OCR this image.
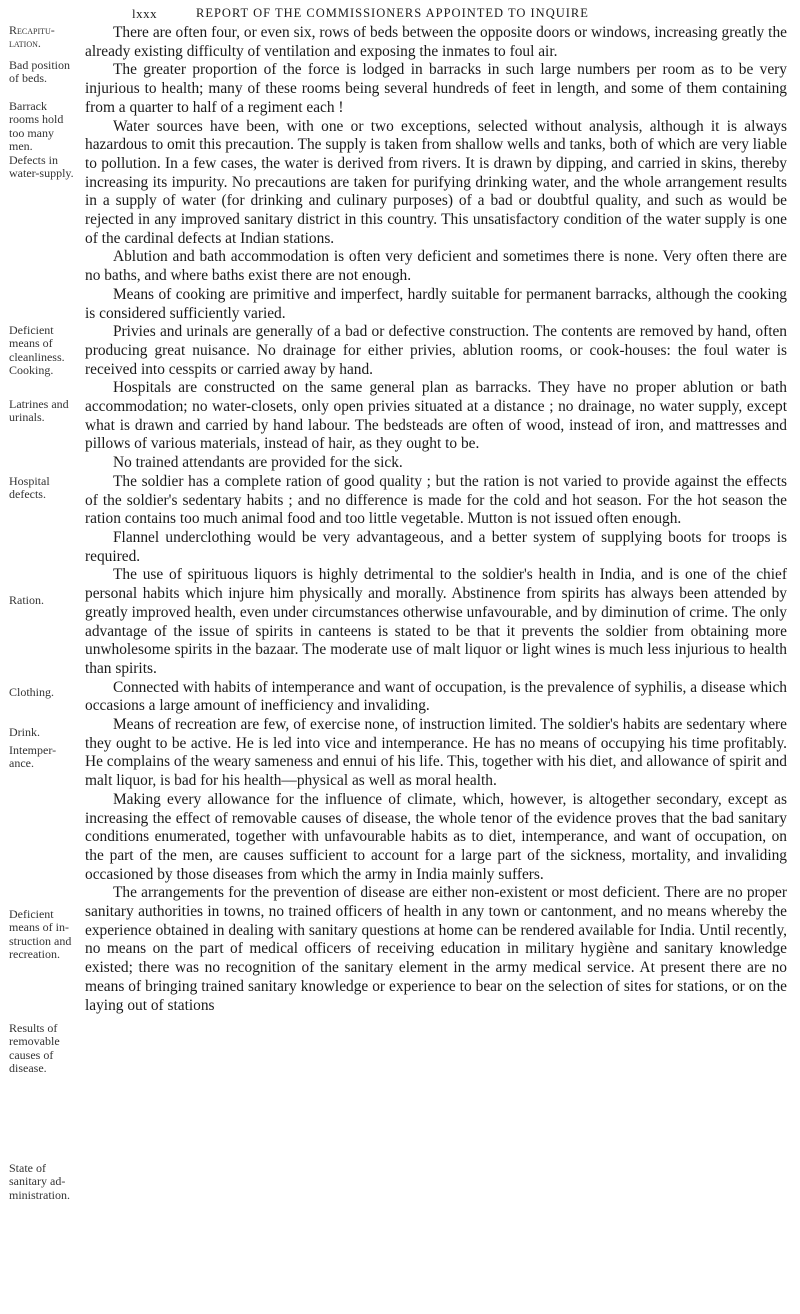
lxxx	REPORT OF THE COMMISSIONERS APPOINTED TO INQUIRE
Recapitu-lation.
Bad position of beds.
Barrack rooms hold too many men.
Defects in water-supply.
Deficient means of cleanliness.
Cooking.
Latrines and urinals.
Hospital defects.
Ration.
Clothing.
Drink.
Intemper-ance.
Deficient means of in-struction and recreation.
Results of removable causes of disease.
State of sanitary ad-ministration.

There are often four, or even six, rows of beds between the opposite doors or windows, increasing greatly the already existing difficulty of ventilation and exposing the inmates to foul air.

The greater proportion of the force is lodged in barracks in such large numbers per room as to be very injurious to health; many of these rooms being several hundreds of feet in length, and some of them containing from a quarter to half of a regiment each !

Water sources have been, with one or two exceptions, selected without analysis, although it is always hazardous to omit this precaution. The supply is taken from shallow wells and tanks, both of which are very liable to pollution. In a few cases, the water is derived from rivers. It is drawn by dipping, and carried in skins, thereby increasing its impurity. No precautions are taken for purifying drinking water, and the whole arrangement results in a supply of water (for drinking and culinary purposes) of a bad or doubtful quality, and such as would be rejected in any improved sanitary district in this country. This unsatisfactory condition of the water supply is one of the cardinal defects at Indian stations.

Ablution and bath accommodation is often very deficient and sometimes there is none. Very often there are no baths, and where baths exist there are not enough.

Means of cooking are primitive and imperfect, hardly suitable for permanent barracks, although the cooking is considered sufficiently varied.

Privies and urinals are generally of a bad or defective construction. The contents are removed by hand, often producing great nuisance. No drainage for either privies, ablution rooms, or cook-houses: the foul water is received into cesspits or carried away by hand.

Hospitals are constructed on the same general plan as barracks. They have no proper ablution or bath accommodation; no water-closets, only open privies situated at a distance ; no drainage, no water supply, except what is drawn and carried by hand labour. The bedsteads are often of wood, instead of iron, and mattresses and pillows of various materials, instead of hair, as they ought to be.

No trained attendants are provided for the sick.

The soldier has a complete ration of good quality ; but the ration is not varied to provide against the effects of the soldier's sedentary habits ; and no difference is made for the cold and hot season. For the hot season the ration contains too much animal food and too little vegetable. Mutton is not issued often enough.

Flannel underclothing would be very advantageous, and a better system of supplying boots for troops is required.

The use of spirituous liquors is highly detrimental to the soldier's health in India, and is one of the chief personal habits which injure him physically and morally. Abstinence from spirits has always been attended by greatly improved health, even under circumstances otherwise unfavourable, and by diminution of crime. The only advantage of the issue of spirits in canteens is stated to be that it prevents the soldier from obtaining more unwholesome spirits in the bazaar. The moderate use of malt liquor or light wines is much less injurious to health than spirits.

Connected with habits of intemperance and want of occupation, is the prevalence of syphilis, a disease which occasions a large amount of inefficiency and invaliding.

Means of recreation are few, of exercise none, of instruction limited. The soldier's habits are sedentary where they ought to be active. He is led into vice and intemperance. He has no means of occupying his time profitably. He complains of the weary sameness and ennui of his life. This, together with his diet, and allowance of spirit and malt liquor, is bad for his health—physical as well as moral health.

Making every allowance for the influence of climate, which, however, is altogether secondary, except as increasing the effect of removable causes of disease, the whole tenor of the evidence proves that the bad sanitary conditions enumerated, together with unfavourable habits as to diet, intemperance, and want of occupation, on the part of the men, are causes sufficient to account for a large part of the sickness, mortality, and invaliding occasioned by those diseases from which the army in India mainly suffers.

The arrangements for the prevention of disease are either non-existent or most deficient. There are no proper sanitary authorities in towns, no trained officers of health in any town or cantonment, and no means whereby the experience obtained in dealing with sanitary questions at home can be rendered available for India. Until recently, no means on the part of medical officers of receiving education in military hygiène and sanitary knowledge existed; there was no recognition of the sanitary element in the army medical service. At present there are no means of bringing trained sanitary knowledge or experience to bear on the selection of sites for stations, or on the laying out of stations
